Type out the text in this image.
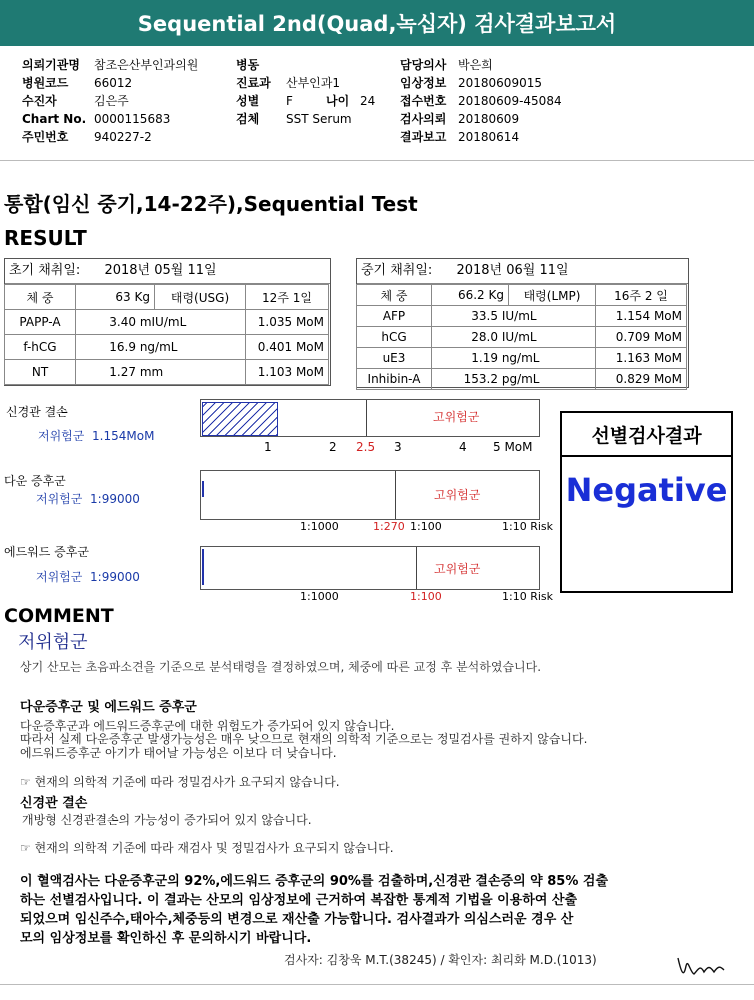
Sequential 2nd(Quad,녹십자) 검사결과보고서
의뢰기관명 참조은산부인과의원
병원코드 66012
수진자	김은주
Chart No. 0000115683
주민번호 940227-2
병동
진료과 산부인과1
성별 F	나이 24
검체 SST Serum
담당의사 박은희
임상정보 20180609015
접수번호 20180609-45084
검사의뢰 20180609
결과보고 20180614
통합(임신 중기,14-22주),Sequential Test
RESULT
초기 채취일: 2018년 05월 11일
체 중	63 Kg	태령(USG)	12주 1일
PAPP-A	3.40 mIU/mL		1.035 MoM
f-hCG	16.9 ng/mL		0.401 MoM
NT	1.27 mm		1.103 MoM
중기 채취일: 2018년 06월 11일
체 중	66.2 Kg	태령(LMP)	16주 2 일
AFP	33.5 IU/mL		1.154 MoM
hCG	28.0 IU/mL		0.709 MoM
uE3	1.19 ng/mL		1.163 MoM
Inhibin-A	153.2 pg/mL		0.829 MoM
신경관 결손
저위험군 1.154MoM
고위험군
1	2 2.5 3	4 5 MoM
다운 증후군
저위험군 1:99000	고위험군
1:1000	1:270 1:100	1:10 Risk
에드워드 증후군
저위험군 1:99000
고위험군
1:1000	1:100	1:10 Risk
선별검사결과
Negative
COMMENT
저위험군
상기 산모는 초음파소견을 기준으로 분석태령을 결정하였으며, 체중에 따른 교정 후 분석하였습니다.
다운증후군 및 에드워드 증후군
다운증후군과 에드워드증후군에 대한 위험도가 증가되어 있지 않습니다.
따라서 실제 다운증후군 발생가능성은 매우 낮으므로 현재의 의학적 기준으로는 정밀검사를 권하지 않습니다.
에드워드증후군 아기가 태어날 가능성은 이보다 더 낮습니다.
☞ 현재의 의학적 기준에 따라 정밀검사가 요구되지 않습니다.
신경관 결손
개방형 신경관결손의 가능성이 증가되어 있지 않습니다.
☞ 현재의 의학적 기준에 따라 재검사 및 정밀검사가 요구되지 않습니다.
이 혈액검사는 다운증후군의 92%,에드워드 증후군의 90%를 검출하며,신경관 결손증의 약 85% 검출
하는 선별검사입니다. 이 결과는 산모의 임상정보에 근거하여 복잡한 통계적 기법을 이용하여 산출
되었으며 임신주수,태아수,체중등의 변경으로 재산출 가능합니다. 검사결과가 의심스러운 경우 산
모의 임상정보를 확인하신 후 문의하시기 바랍니다.
검사자: 김창욱 M.T.(38245) / 확인자: 최리화 M.D.(1013)
